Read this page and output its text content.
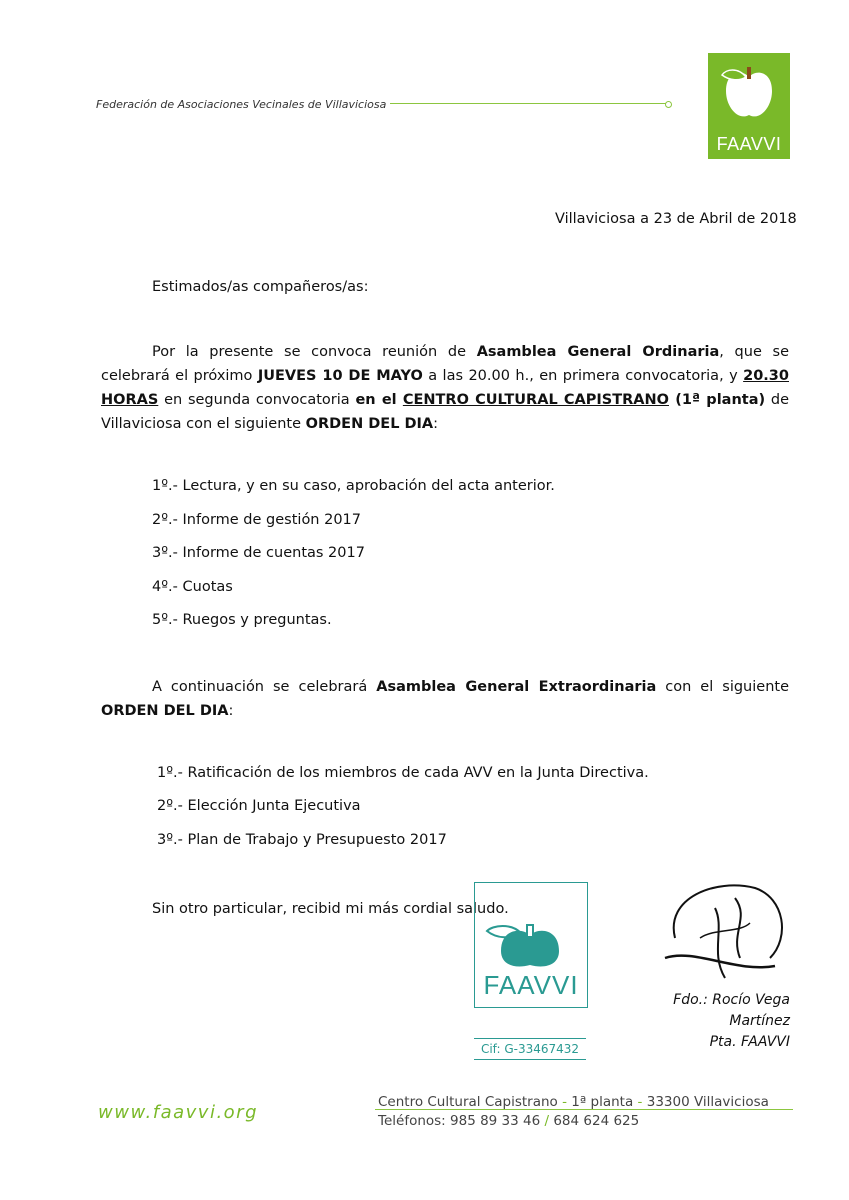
Federación de Asociaciones Vecinales de Villaviciosa
FAAVVI
Villaviciosa a 23 de Abril de 2018
Estimados/as compañeros/as:
Por la presente se convoca reunión de Asamblea General Ordinaria, que se celebrará el próximo JUEVES 10 DE MAYO a las 20.00 h., en primera convocatoria, y 20.30 HORAS en segunda convocatoria en el CENTRO CULTURAL CAPISTRANO (1ª planta) de Villaviciosa con el siguiente ORDEN DEL DIA:
1º.- Lectura, y en su caso, aprobación del acta anterior.
2º.- Informe de gestión 2017
3º.- Informe de cuentas 2017
4º.- Cuotas
5º.- Ruegos y preguntas.
A continuación se celebrará Asamblea General Extraordinaria con el siguiente ORDEN DEL DIA:
1º.- Ratificación de los miembros de cada AVV en la Junta Directiva.
2º.- Elección Junta Ejecutiva
3º.- Plan de Trabajo y Presupuesto 2017
Sin otro particular, recibid mi más cordial saludo.
FAAVVI
Cif: G-33467432
Fdo.: Rocío Vega Martínez
Pta. FAAVVI
www.faavvi.org	Centro Cultural Capistrano - 1ª planta - 33300 Villaviciosa
Teléfonos: 985 89 33 46 / 684 624 625
